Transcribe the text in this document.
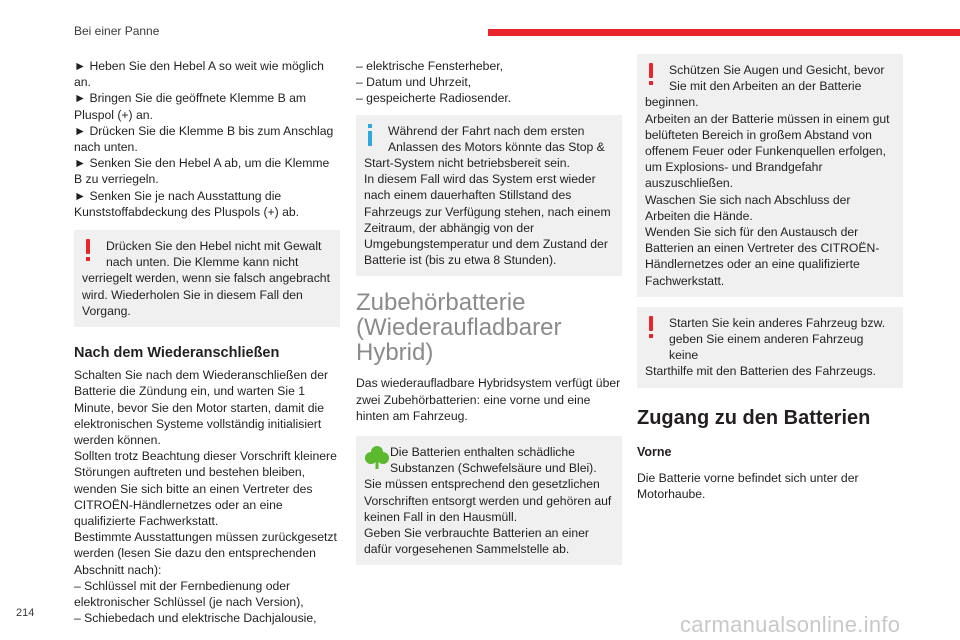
Bei einer Panne

► Heben Sie den Hebel A so weit wie möglich an.

► Bringen Sie die geöffnete Klemme B am Pluspol (+) an.

► Drücken Sie die Klemme B bis zum Anschlag nach unten.

► Senken Sie den Hebel A ab, um die Klemme B zu verriegeln.

► Senken Sie je nach Ausstattung die Kunststoffabdeckung des Pluspols (+) ab.

Drücken Sie den Hebel nicht mit Gewalt nach unten. Die Klemme kann nicht

verriegelt werden, wenn sie falsch angebracht wird. Wiederholen Sie in diesem Fall den Vorgang.

Nach dem Wiederanschließen

Schalten Sie nach dem Wiederanschließen der Batterie die Zündung ein, und warten Sie 1 Minute, bevor Sie den Motor starten, damit die elektronischen Systeme vollständig initialisiert werden können.

Sollten trotz Beachtung dieser Vorschrift kleinere Störungen auftreten und bestehen bleiben, wenden Sie sich bitte an einen Vertreter des CITROËN-Händlernetzes oder an eine qualifizierte Fachwerkstatt.

Bestimmte Ausstattungen müssen zurückgesetzt werden (lesen Sie dazu den entsprechenden Abschnitt nach):

– Schlüssel mit der Fernbedienung oder elektronischer Schlüssel (je nach Version),

– Schiebedach und elektrische Dachjalousie,

– elektrische Fensterheber,

– Datum und Uhrzeit,

– gespeicherte Radiosender.

Während der Fahrt nach dem ersten Anlassen des Motors könnte das Stop &

Start-System nicht betriebsbereit sein.

In diesem Fall wird das System erst wieder nach einem dauerhaften Stillstand des Fahrzeugs zur Verfügung stehen, nach einem Zeitraum, der abhängig von der Umgebungstemperatur und dem Zustand der Batterie ist (bis zu etwa 8 Stunden).

Zubehörbatterie (Wiederaufladbarer Hybrid)

Das wiederaufladbare Hybridsystem verfügt über zwei Zubehörbatterien: eine vorne und eine hinten am Fahrzeug.

Die Batterien enthalten schädliche Substanzen (Schwefelsäure und Blei).

Sie müssen entsprechend den gesetzlichen Vorschriften entsorgt werden und gehören auf keinen Fall in den Hausmüll.

Geben Sie verbrauchte Batterien an einer dafür vorgesehenen Sammelstelle ab.

Schützen Sie Augen und Gesicht, bevor Sie mit den Arbeiten an der Batterie

beginnen.

Arbeiten an der Batterie müssen in einem gut belüfteten Bereich in großem Abstand von offenem Feuer oder Funkenquellen erfolgen, um Explosions- und Brandgefahr auszuschließen.

Waschen Sie sich nach Abschluss der Arbeiten die Hände.

Wenden Sie sich für den Austausch der Batterien an einen Vertreter des CITROËN-Händlernetzes oder an eine qualifizierte Fachwerkstatt.

Starten Sie kein anderes Fahrzeug bzw. geben Sie einem anderen Fahrzeug keine

Starthilfe mit den Batterien des Fahrzeugs.

Zugang zu den Batterien
Vorne

Die Batterie vorne befindet sich unter der Motorhaube.

214	carmanualsonline.info
